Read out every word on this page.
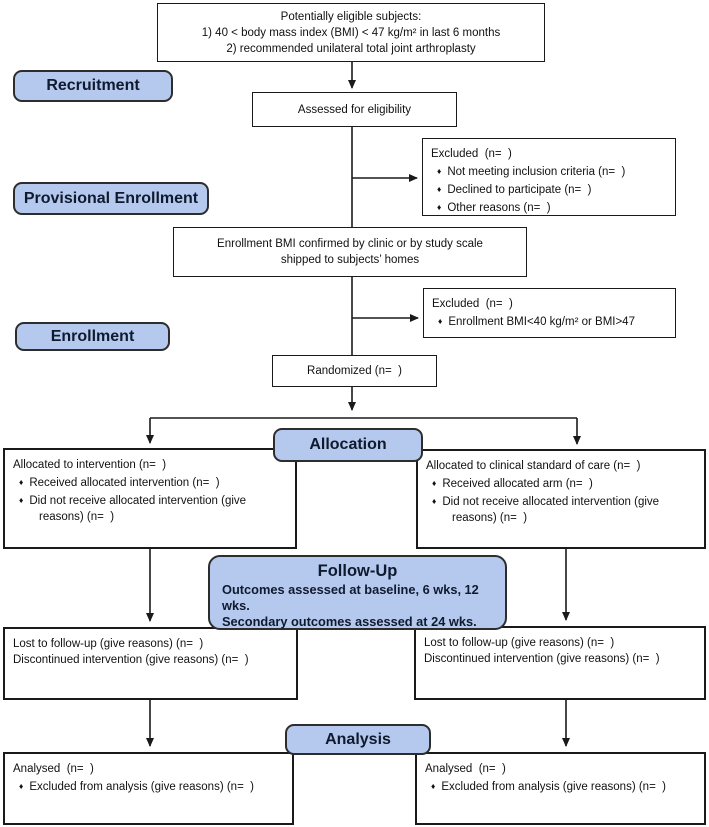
Potentially eligible subjects:
1) 40 < body mass index (BMI) < 47 kg/m² in last 6 months
2) recommended unilateral total joint arthroplasty
Recruitment
Provisional Enrollment
Enrollment
Allocation
Analysis
Assessed for eligibility
Excluded  (n=  )
♦ Not meeting inclusion criteria (n=  )
♦ Declined to participate (n=  )
♦ Other reasons (n=  )
Enrollment BMI confirmed by clinic or by study scale
shipped to subjects’ homes
Excluded  (n=  )
♦ Enrollment BMI<40 kg/m² or BMI>47
Randomized (n=  )
Allocated to intervention (n=  )
♦ Received allocated intervention (n=  )
♦ Did not receive allocated intervention (give reasons) (n=  )
Allocated to clinical standard of care (n=  )
♦ Received allocated arm (n=  )
♦ Did not receive allocated intervention (give reasons) (n=  )
Follow-Up
Outcomes assessed at baseline, 6 wks, 12 wks.
Secondary outcomes assessed at 24 wks.
Lost to follow-up (give reasons) (n=  )
Discontinued intervention (give reasons) (n=  )
Lost to follow-up (give reasons) (n=  )
Discontinued intervention (give reasons) (n=  )
Analysed  (n=  )
♦ Excluded from analysis (give reasons) (n=  )
Analysed  (n=  )
♦ Excluded from analysis (give reasons) (n=  )
